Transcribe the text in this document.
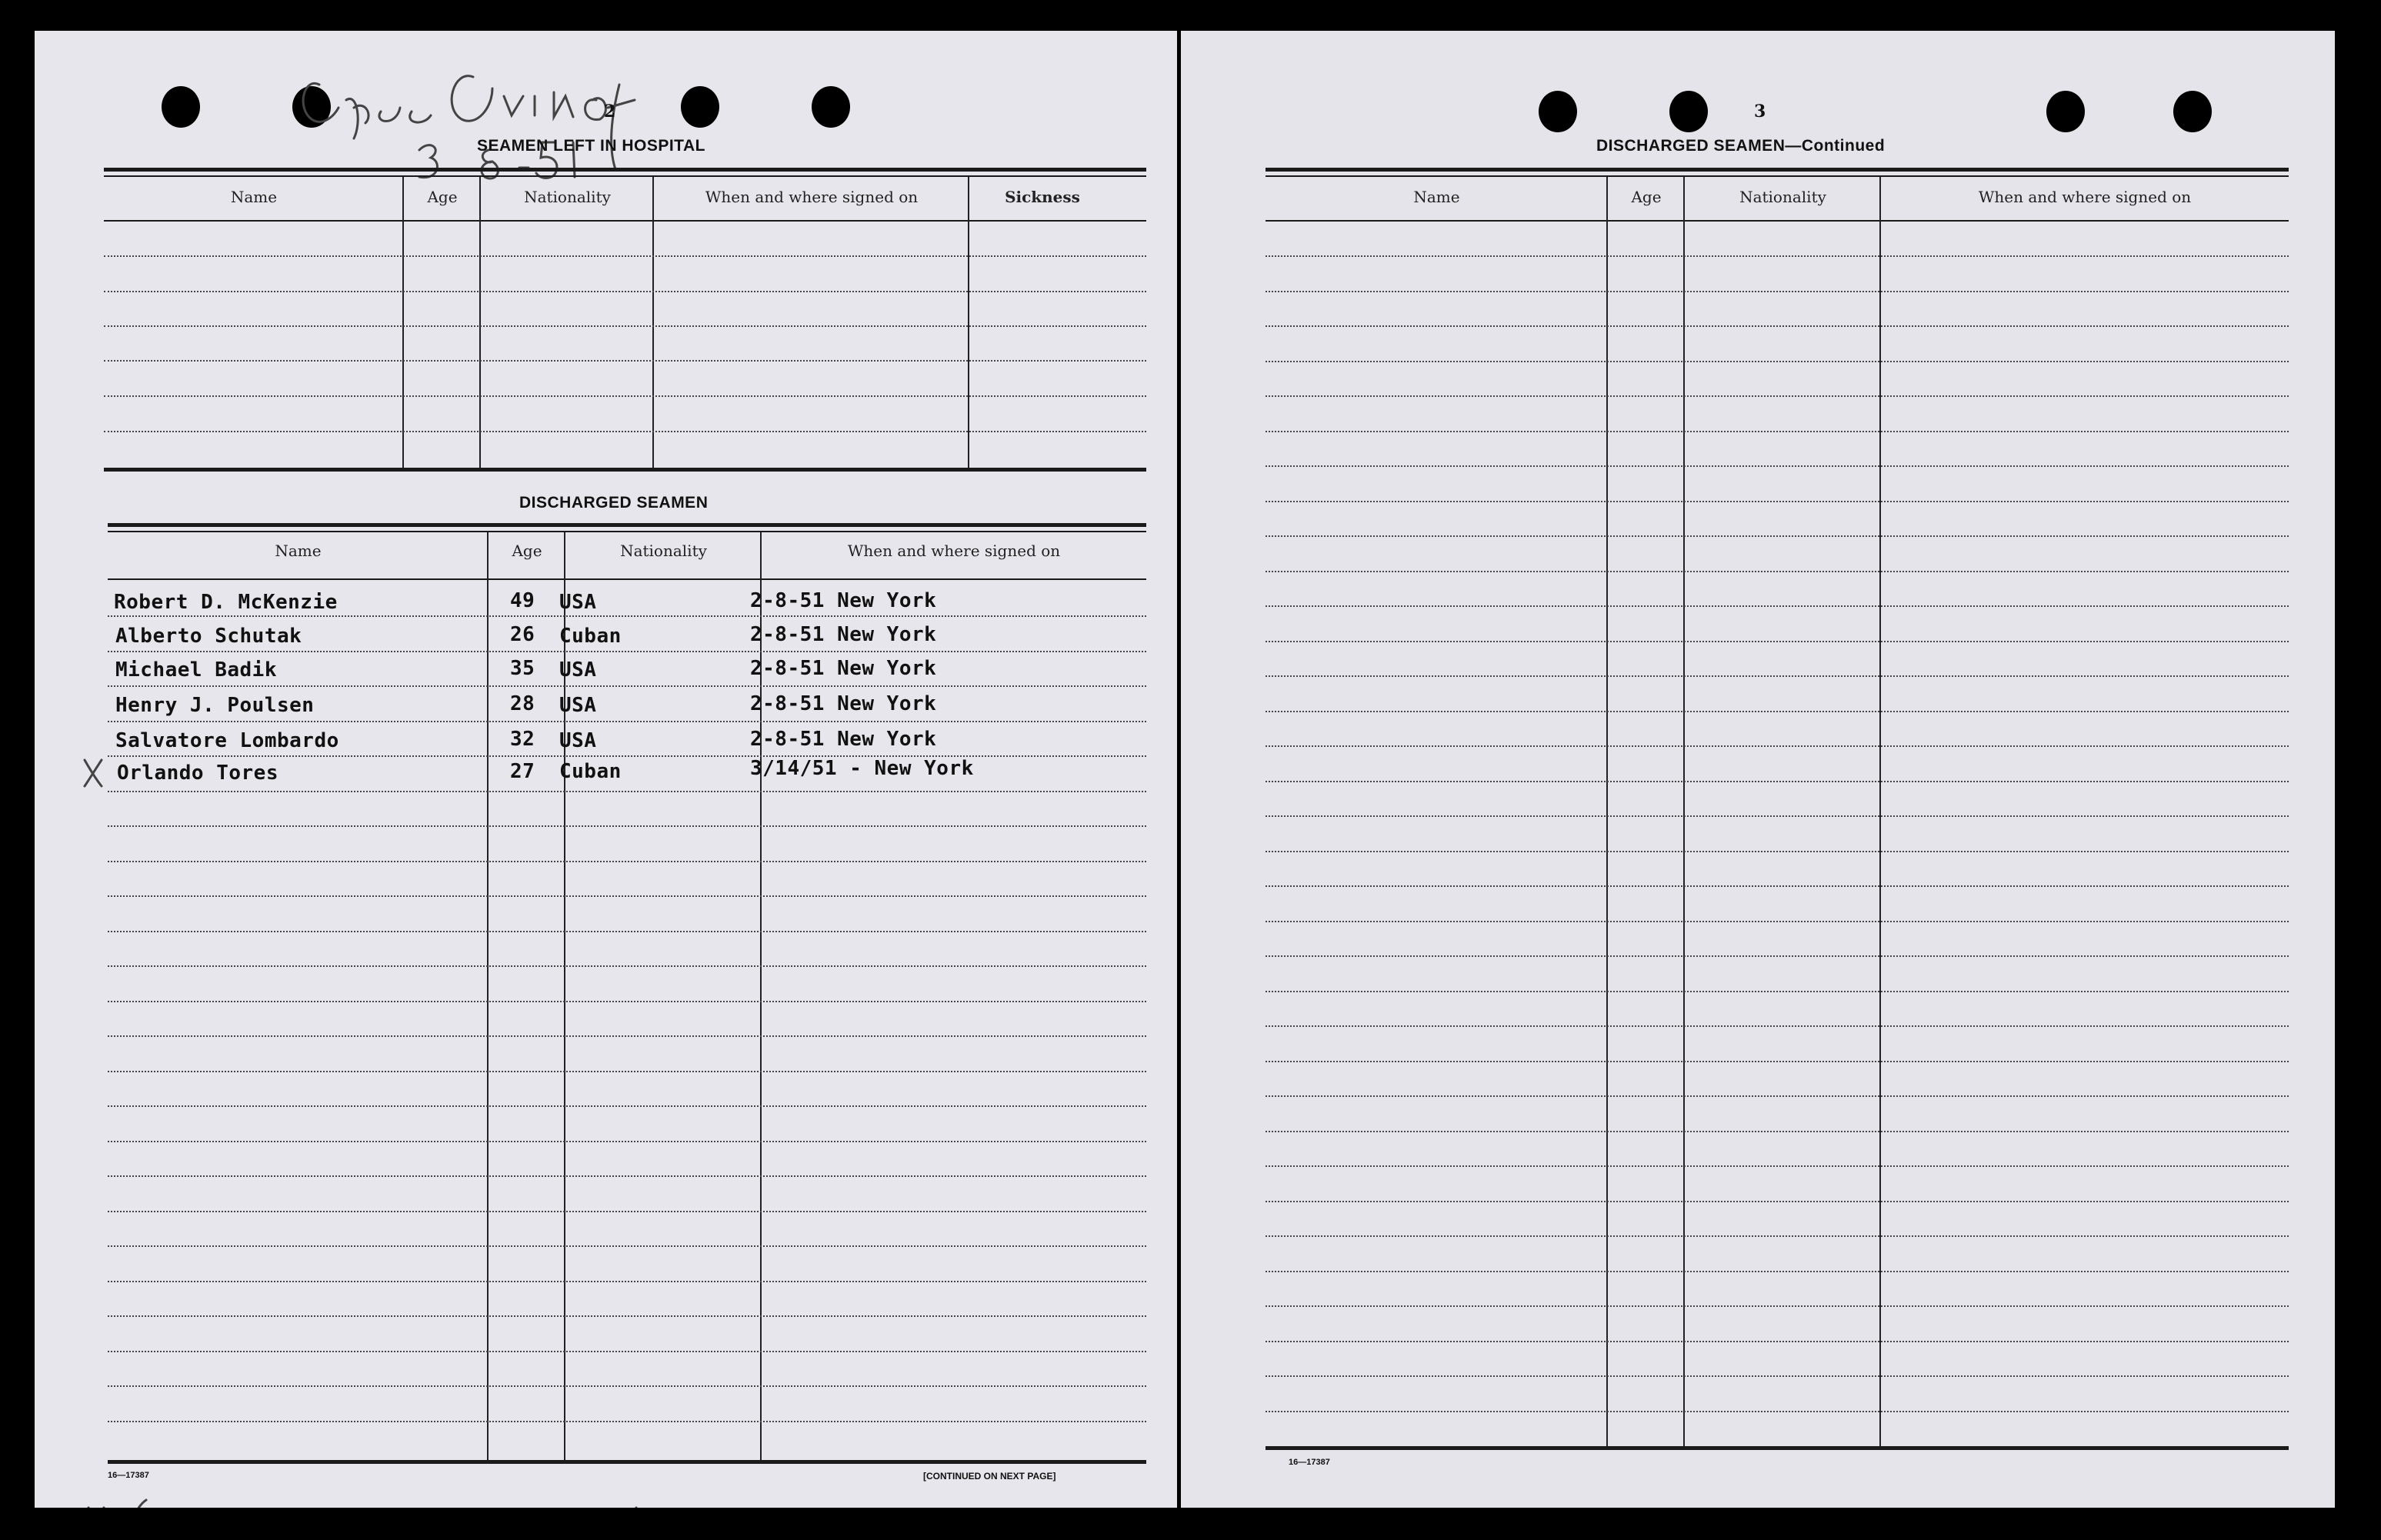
2
SEAMEN LEFT IN HOSPITAL
Name	Age	Nationality	When and where signed on	Sickness
DISCHARGED SEAMEN
Name	Age	Nationality	When and where signed on
Robert D. McKenzie	49 USA	2-8-51 New York
Alberto Schutak	26 Cuban	2-8-51 New York
Michael Badik	35 USA	2-8-51 New York
Henry J. Poulsen	28 USA	2-8-51 New York
Salvatore Lombardo	32 USA	2-8-51 New York
Orlando Tores	27 Cuban	3/14/51 - New York
16—17387	[CONTINUED ON NEXT PAGE]
3
DISCHARGED SEAMEN—Continued
Name	Age	Nationality	When and where signed on
16—17387
